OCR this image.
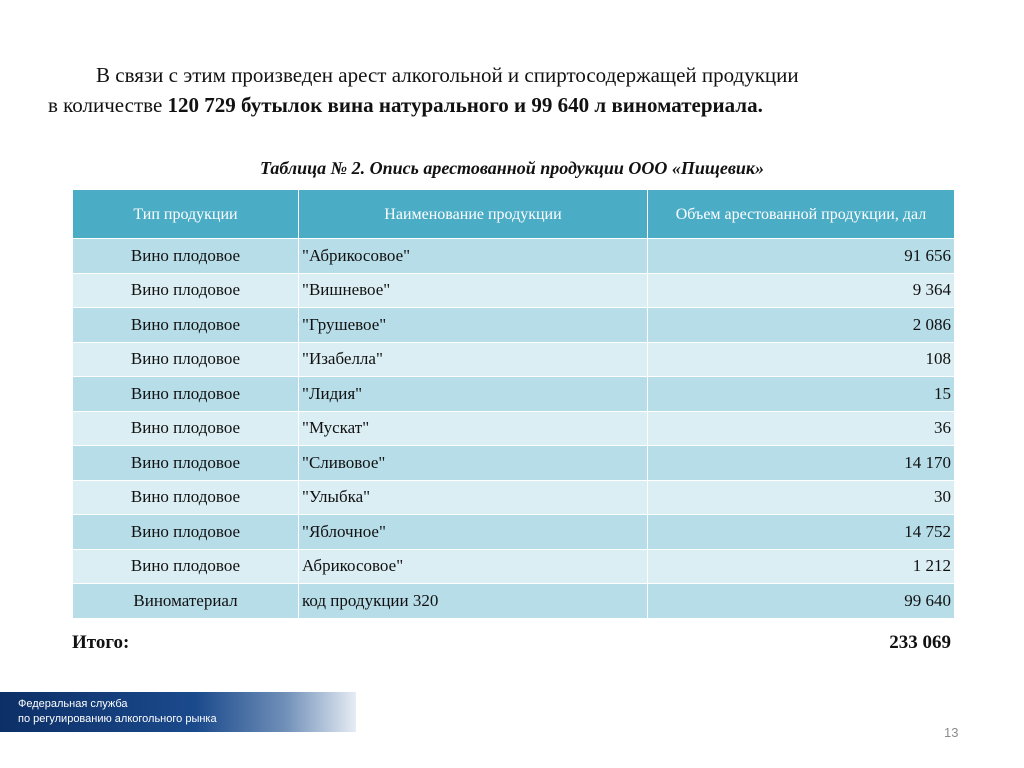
В связи с этим произведен арест алкогольной и спиртосодержащей продукции
в количестве 120 729 бутылок вина натурального и 99 640 л виноматериала.
Таблица № 2. Опись арестованной продукции ООО «Пищевик»
Тип продукции	Наименование продукции	Объем арестованной продукции, дал
Вино плодовое	"Абрикосовое"	91 656
Вино плодовое	"Вишневое"	9 364
Вино плодовое	"Грушевое"	2 086
Вино плодовое	"Изабелла"	108
Вино плодовое	"Лидия"	15
Вино плодовое	"Мускат"	36
Вино плодовое	"Сливовое"	14 170
Вино плодовое	"Улыбка"	30
Вино плодовое	"Яблочное"	14 752
Вино плодовое	Абрикосовое"	1 212
Виноматериал	код продукции 320	99 640
Итого:	233 069
Федеральная служба
по регулированию алкогольного рынка
13
